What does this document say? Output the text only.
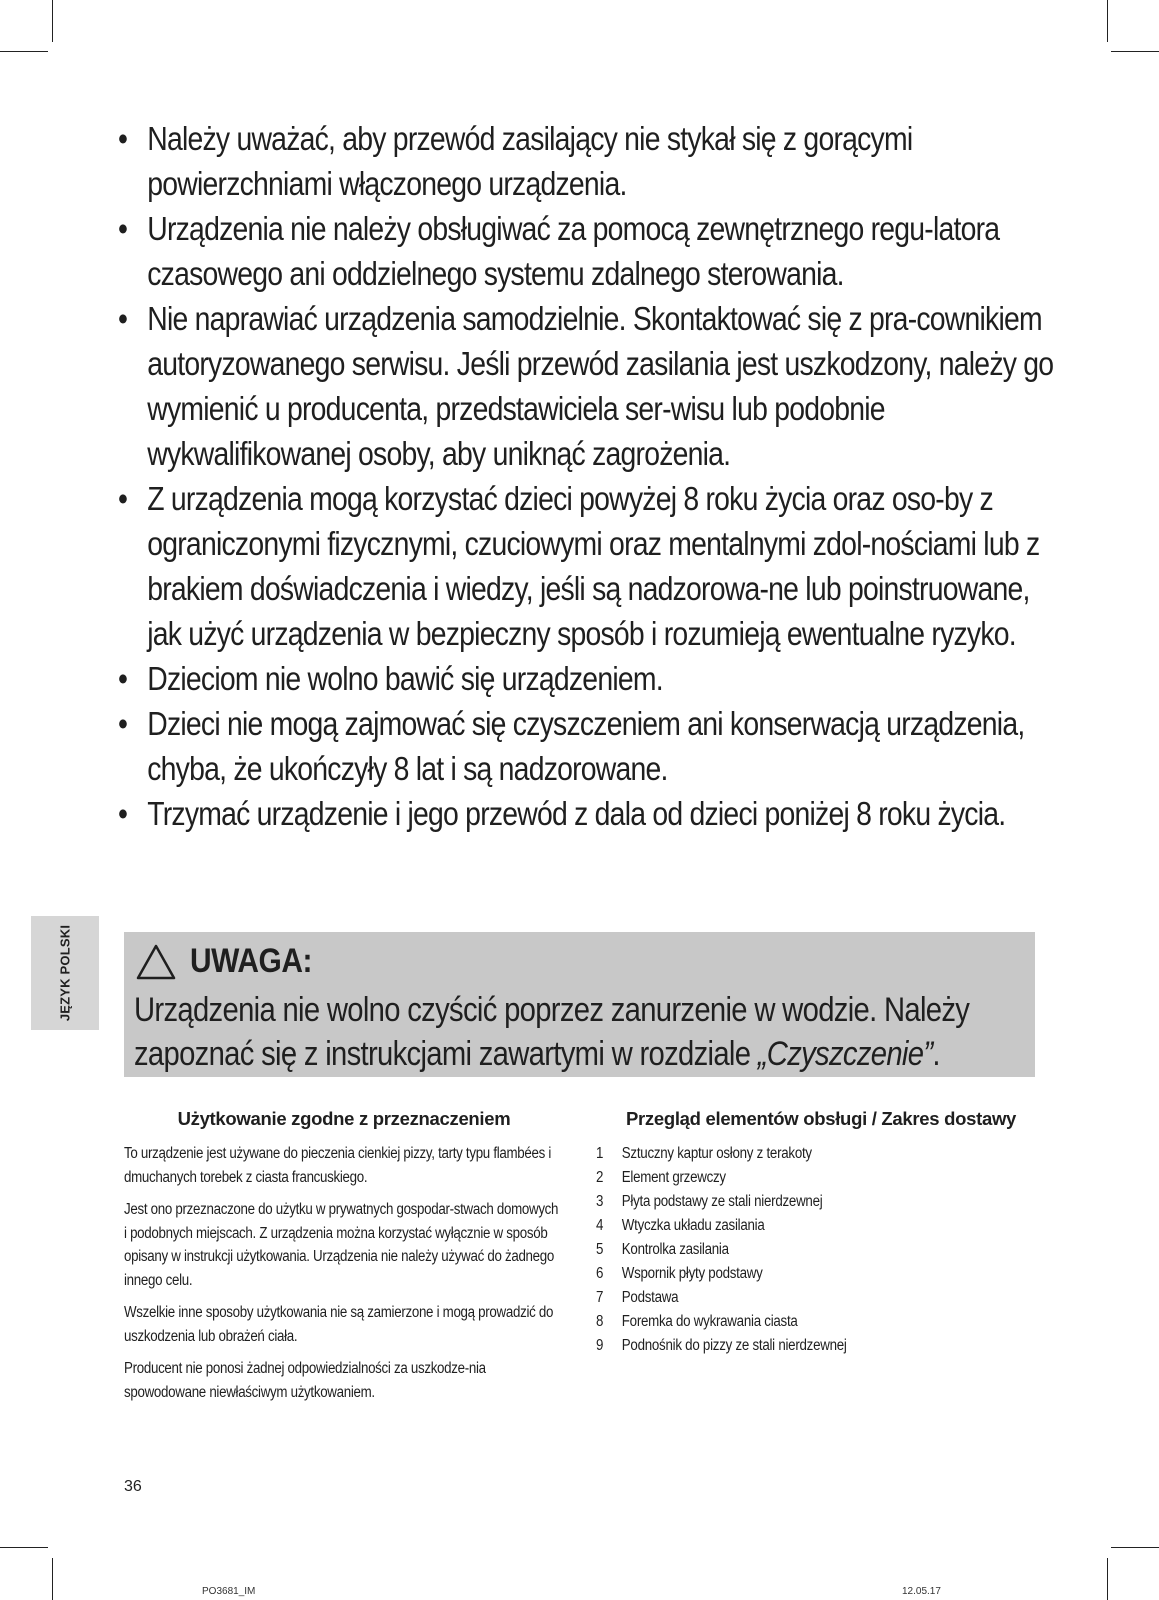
• Należy uważać, aby przewód zasilający nie stykał się z gorącymi powierzchniami włączonego urządzenia.
• Urządzenia nie należy obsługiwać za pomocą zewnętrznego regu-latora czasowego ani oddzielnego systemu zdalnego sterowania.
• Nie naprawiać urządzenia samodzielnie. Skontaktować się z pra-cownikiem autoryzowanego serwisu. Jeśli przewód zasilania jest uszkodzony, należy go wymienić u producenta, przedstawiciela ser-wisu lub podobnie wykwalifikowanej osoby, aby uniknąć zagrożenia.
• Z urządzenia mogą korzystać dzieci powyżej 8 roku życia oraz oso-by z ograniczonymi fizycznymi, czuciowymi oraz mentalnymi zdol-nościami lub z brakiem doświadczenia i wiedzy, jeśli są nadzorowa-ne lub poinstruowane, jak użyć urządzenia w bezpieczny sposób i rozumieją ewentualne ryzyko.
• Dzieciom nie wolno bawić się urządzeniem.
• Dzieci nie mogą zajmować się czyszczeniem ani konserwacją urządzenia, chyba, że ukończyły 8 lat i są nadzorowane.
• Trzymać urządzenie i jego przewód z dala od dzieci poniżej 8 roku życia.
JĘZYK POLSKI	UWAGA:
Urządzenia nie wolno czyścić poprzez zanurzenie w wodzie. Należy zapoznać się z instrukcjami zawartymi w rozdziale „Czyszczenie”.
Użytkowanie zgodne z przeznaczeniem

To urządzenie jest używane do pieczenia cienkiej pizzy, tarty typu flambées i dmuchanych torebek z ciasta francuskiego.

Jest ono przeznaczone do użytku w prywatnych gospodar-stwach domowych i podobnych miejscach. Z urządzenia można korzystać wyłącznie w sposób opisany w instrukcji użytkowania. Urządzenia nie należy używać do żadnego innego celu.

Wszelkie inne sposoby użytkowania nie są zamierzone i mogą prowadzić do uszkodzenia lub obrażeń ciała.

Producent nie ponosi żadnej odpowiedzialności za uszkodze-nia spowodowane niewłaściwym użytkowaniem.

Przegląd elementów obsługi / Zakres dostawy
1	Sztuczny kaptur osłony z terakoty
2	Element grzewczy
3	Płyta podstawy ze stali nierdzewnej
4	Wtyczka układu zasilania
5	Kontrolka zasilania
6	Wspornik płyty podstawy
7	Podstawa
8	Foremka do wykrawania ciasta
9	Podnośnik do pizzy ze stali nierdzewnej
36
PO3681_IM	12.05.17
